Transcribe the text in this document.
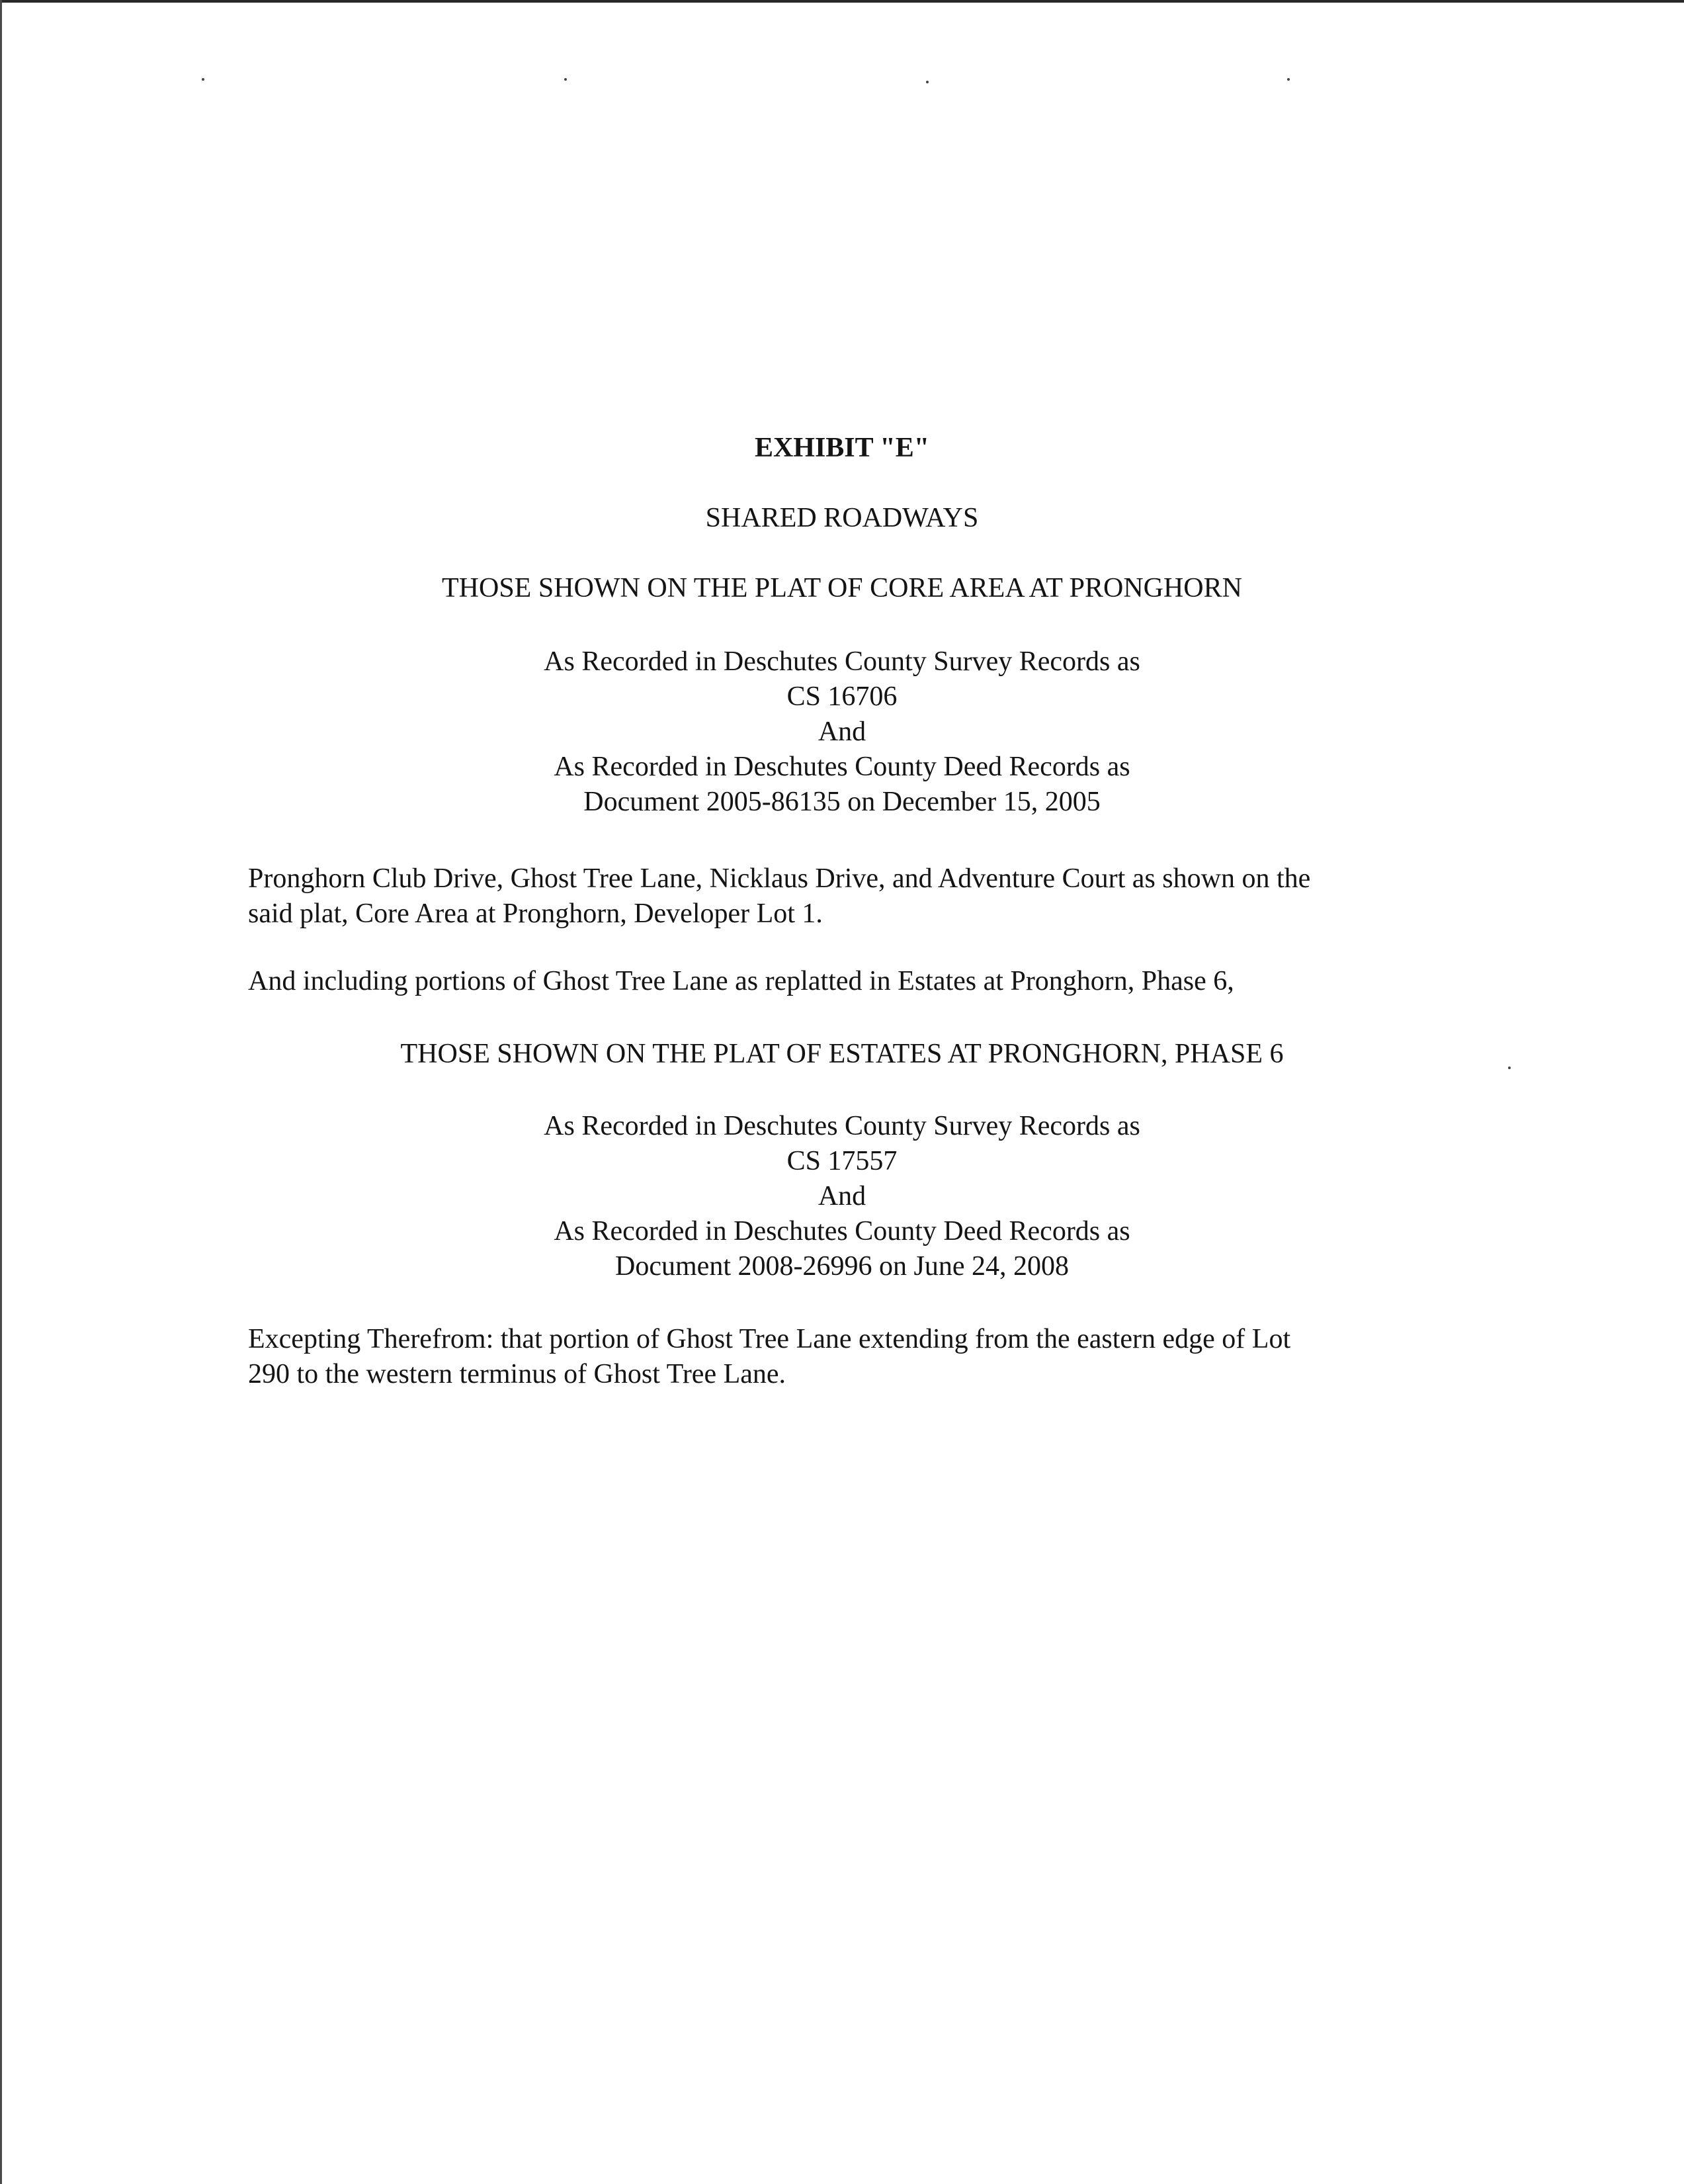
EXHIBIT "E"
SHARED ROADWAYS
THOSE SHOWN ON THE PLAT OF CORE AREA AT PRONGHORN
As Recorded in Deschutes County Survey Records as
CS 16706
And
As Recorded in Deschutes County Deed Records as
Document 2005-86135 on December 15, 2005
Pronghorn Club Drive, Ghost Tree Lane, Nicklaus Drive, and Adventure Court as shown on the
said plat, Core Area at Pronghorn, Developer Lot 1.
And including portions of Ghost Tree Lane as replatted in Estates at Pronghorn, Phase 6,
THOSE SHOWN ON THE PLAT OF ESTATES AT PRONGHORN, PHASE 6
As Recorded in Deschutes County Survey Records as
CS 17557
And
As Recorded in Deschutes County Deed Records as
Document 2008-26996 on June 24, 2008
Excepting Therefrom: that portion of Ghost Tree Lane extending from the eastern edge of Lot
290 to the western terminus of Ghost Tree Lane.
